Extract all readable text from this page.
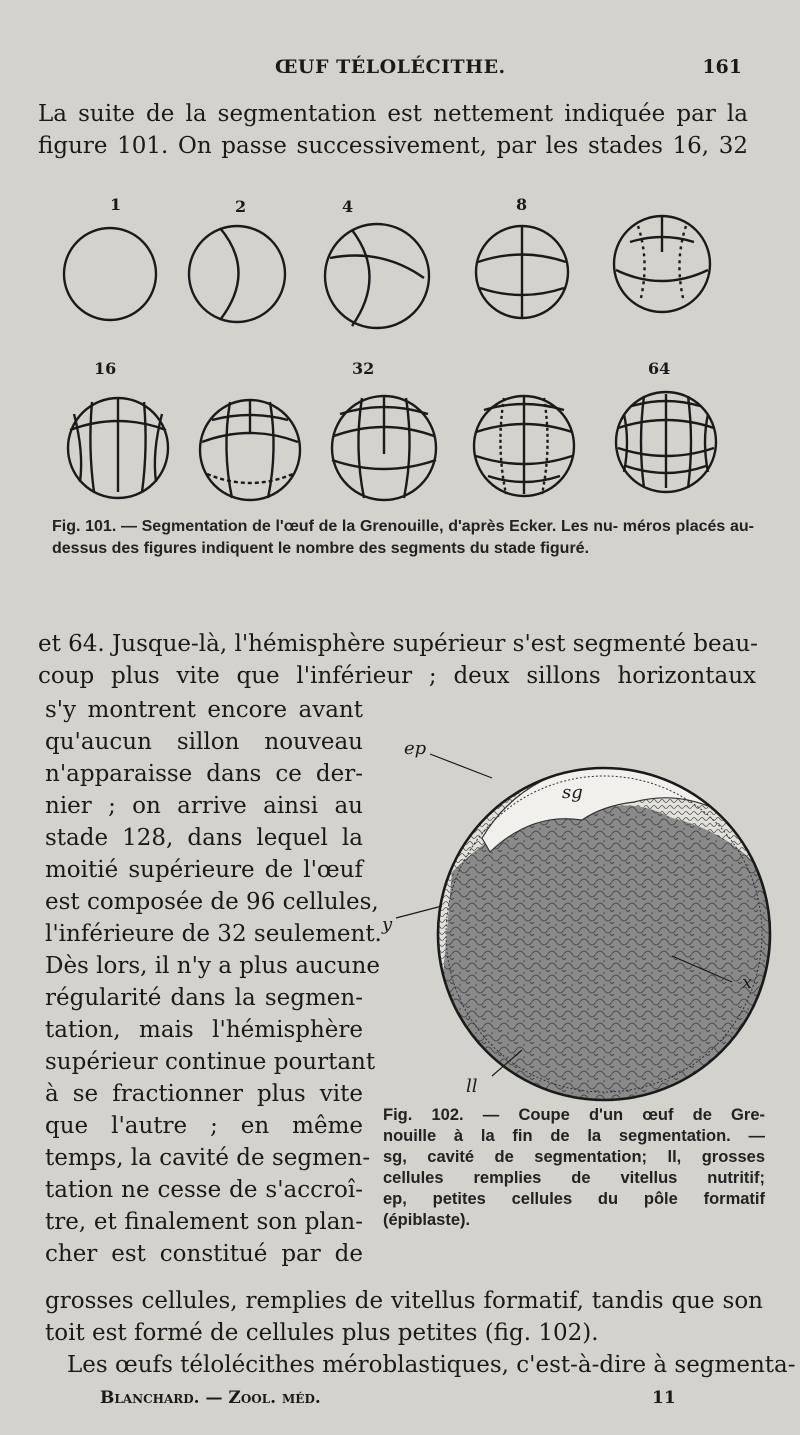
ŒUF TÉLOLÉCITHE.	161
La suite de la segmentation est nettement indiquée par la
figure 101. On passe successivement, par les stades 16, 32
1	2	4	8
16	32	64
Fig. 101. — Segmentation de l'œuf de la Grenouille, d'après Ecker. Les nu- méros placés au-dessus des figures indiquent le nombre des segments du stade figuré.
et 64. Jusque-là, l'hémisphère supérieur s'est segmenté beau-
coup plus vite que l'inférieur ; deux sillons horizontaux
s'y montrent encore avant
qu'aucun sillon nouveau
n'apparaisse dans ce der-
nier ; on arrive ainsi au
stade 128, dans lequel la
moitié supérieure de l'œuf
est composée de 96 cellules,
l'inférieure de 32 seulement.
Dès lors, il n'y a plus aucune
régularité dans la segmen-
tation, mais l'hémisphère
supérieur continue pourtant
à se fractionner plus vite
que l'autre ; en même
temps, la cavité de segmen-
tation ne cesse de s'accroî-
tre, et finalement son plan-
cher est constitué par de
ep
sg
y
x
ll
Fig. 102. — Coupe d'un œuf de Gre-
nouille à la fin de la segmentation. —
sg, cavité de segmentation; ll, grosses
cellules remplies de vitellus nutritif;
ep, petites cellules du pôle formatif
(épiblaste).
grosses cellules, remplies de vitellus formatif, tandis que son
toit est formé de cellules plus petites (fig. 102).
Les œufs télolécithes méroblastiques, c'est-à-dire à segmenta-
Blanchard. — Zool. méd.	11
